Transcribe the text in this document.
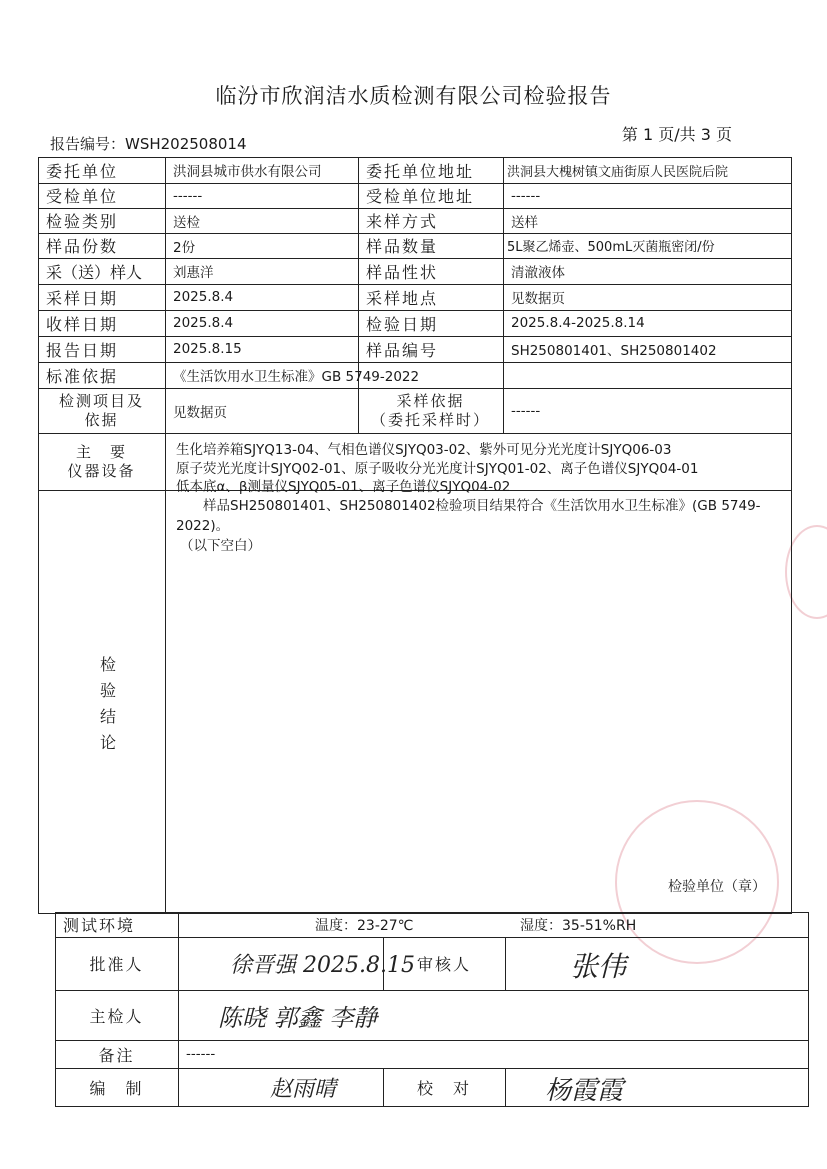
临汾市欣润洁水质检测有限公司检验报告
报告编号：WSH202508014	第 1 页/共 3 页
委托单位	洪洞县城市供水有限公司	委托单位地址	洪洞县大槐树镇文庙街原人民医院后院
受检单位	------	受检单位地址	------
检验类别	送检	来样方式	送样
样品份数	2份	样品数量	5L聚乙烯壶、500mL灭菌瓶密闭/份
采（送）样人	刘惠洋	样品性状	清澈液体
采样日期	2025.8.4	采样地点	见数据页
收样日期	2025.8.4	检验日期	2025.8.4-2025.8.14
报告日期	2025.8.15	样品编号	SH250801401、SH250801402
标准依据	《生活饮用水卫生标准》GB 5749-2022
检测项目及
依据	见数据页
采样依据
（委托采样时）	------
主　要
仪器设备
生化培养箱SJYQ13-04、气相色谱仪SJYQ03-02、紫外可见分光光度计SJYQ06-03
原子荧光光度计SJYQ02-01、原子吸收分光光度计SJYQ01-02、离子色谱仪SJYQ04-01
低本底α、β测量仪SJYQ05-01、离子色谱仪SJYQ04-02
检
验
结
论
样品SH250801401、SH250801402检验项目结果符合《生活饮用水卫生标准》(GB 5749-2022)。
（以下空白）
检验单位（章）
测试环境	温度：23-27℃	湿度：35-51%RH
批准人	徐晋强 2025.8.15 审核人	张伟
主检人	陈晓 郭鑫 李静
备注	------
编　制	赵雨晴	校　对	杨霞霞
